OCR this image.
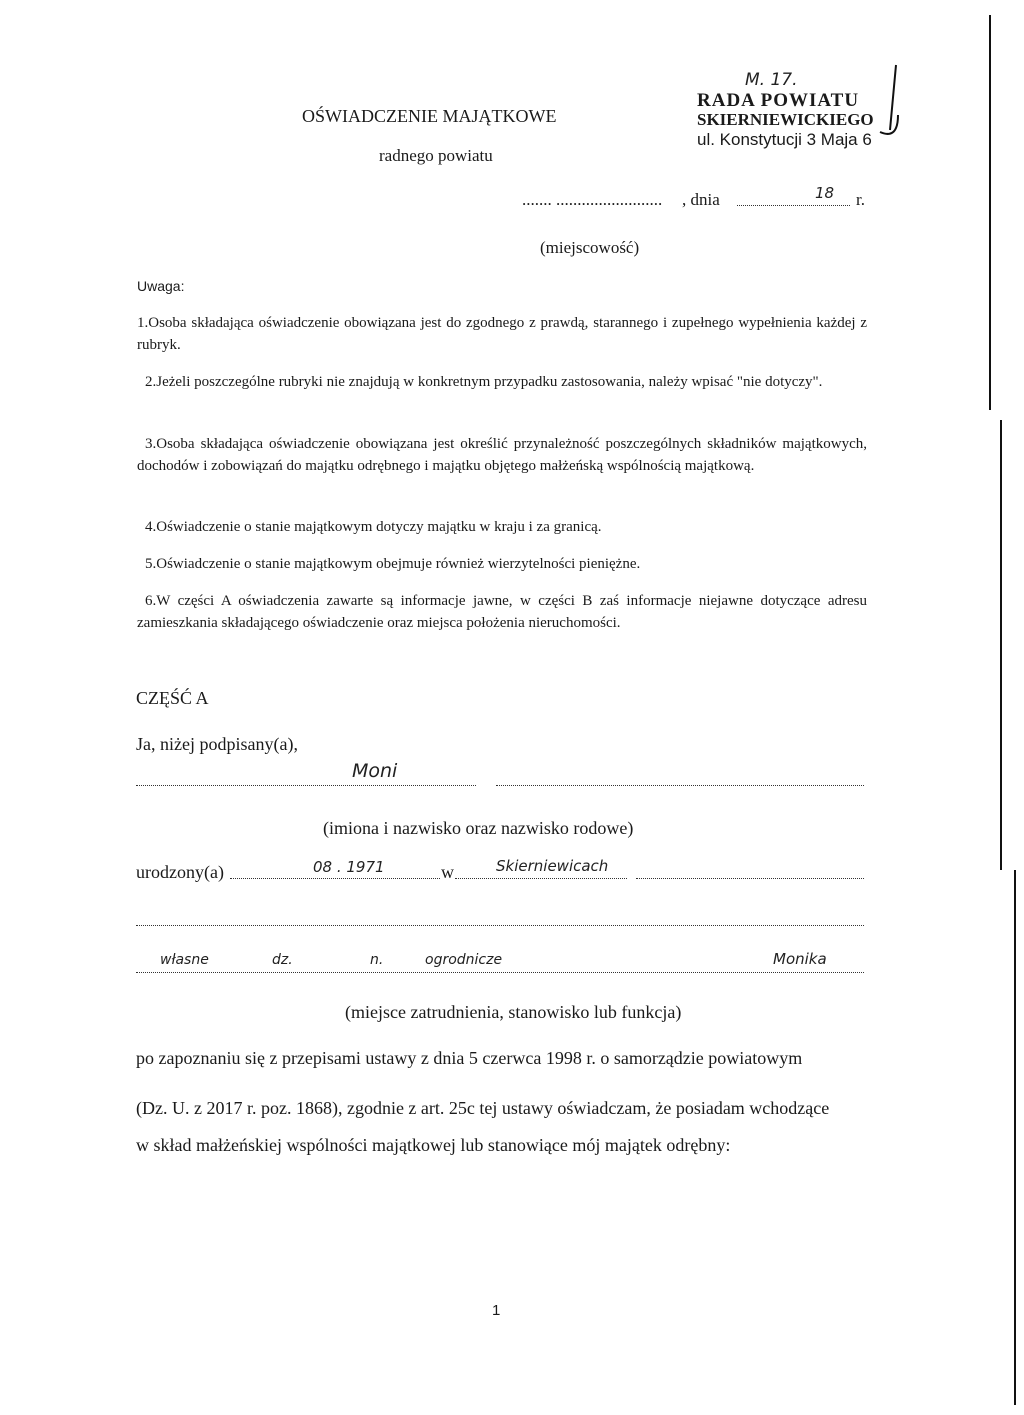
OŚWIADCZENIE MAJĄTKOWE
radnego powiatu
M. 17.
RADA POWIATU
SKIERNIEWICKIEGO
ul. Konstytucji 3 Maja 6
....... ......................... , dnia	18 r.
(miejscowość)
Uwaga:
1.Osoba składająca oświadczenie obowiązana jest do zgodnego z prawdą, starannego i zupełnego wypełnienia każdej z rubryk.
2.Jeżeli poszczególne rubryki nie znajdują w konkretnym przypadku zastosowania, należy wpisać "nie dotyczy".
3.Osoba składająca oświadczenie obowiązana jest określić przynależność poszczególnych składników majątkowych, dochodów i zobowiązań do majątku odrębnego i majątku objętego małżeńską wspólnością majątkową.
4.Oświadczenie o stanie majątkowym dotyczy majątku w kraju i za granicą.
5.Oświadczenie o stanie majątkowym obejmuje również wierzytelności pieniężne.
6.W części A oświadczenia zawarte są informacje jawne, w części B zaś informacje niejawne dotyczące adresu zamieszkania składającego oświadczenie oraz miejsca położenia nieruchomości.
CZĘŚĆ A
Ja, niżej podpisany(a),
Moni
(imiona i nazwisko oraz nazwisko rodowe)
urodzony(a)	08 . 1971	w	Skierniewicach
własne	dz.	n.	ogrodnicze	Monika
(miejsce zatrudnienia, stanowisko lub funkcja)
po zapoznaniu się z przepisami ustawy z dnia 5 czerwca 1998 r. o samorządzie powiatowym
(Dz. U. z 2017 r. poz. 1868), zgodnie z art. 25c tej ustawy oświadczam, że posiadam wchodzące
w skład małżeńskiej wspólności majątkowej lub stanowiące mój majątek odrębny:
1
